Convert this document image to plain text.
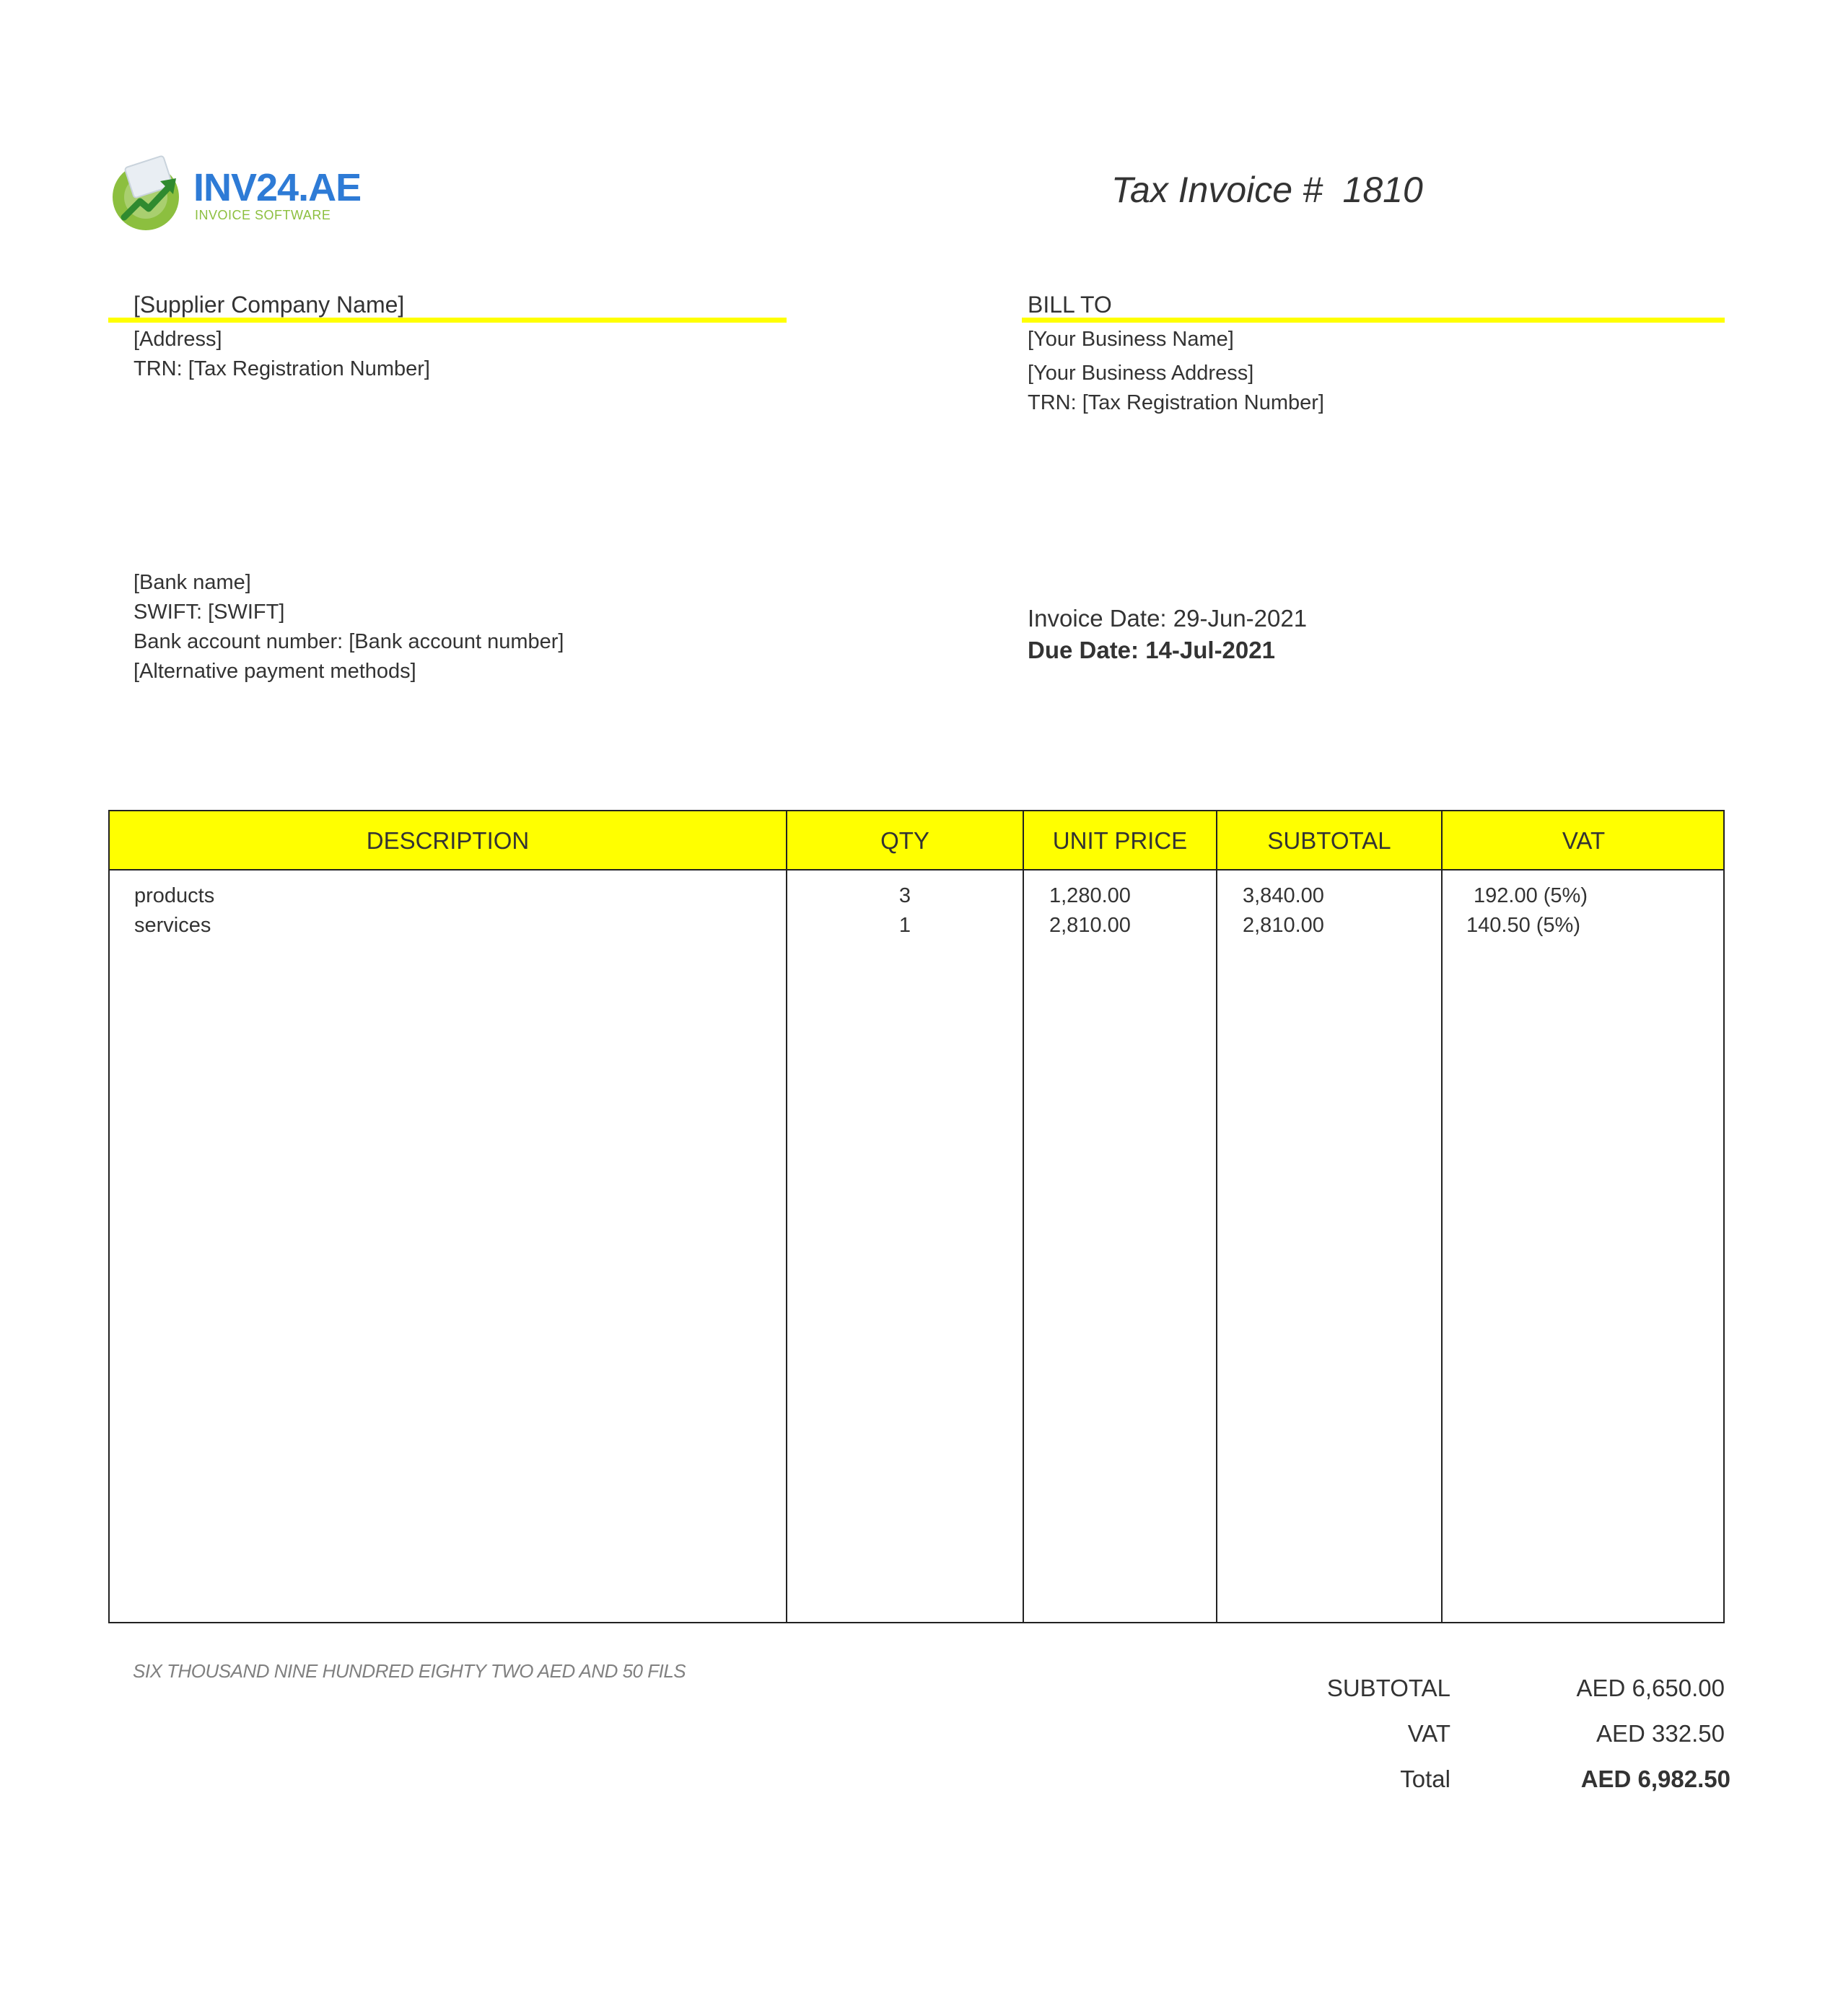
INV24.AE
INVOICE SOFTWARE
Tax Invoice #  1810
[Supplier Company Name]
[Address]
TRN: [Tax Registration Number]
BILL TO
[Your Business Name]
[Your Business Address]
TRN: [Tax Registration Number]
[Bank name]
SWIFT: [SWIFT]
Bank account number: [Bank account number]
[Alternative payment methods]
Invoice Date: 29-Jun-2021
Due Date: 14-Jul-2021
DESCRIPTION	QTY	UNIT PRICE	SUBTOTAL	VAT
products	3	1,280.00	3,840.00	192.00 (5%)
services	1	2,810.00	2,810.00	140.50 (5%)
SIX THOUSAND NINE HUNDRED EIGHTY TWO AED AND 50 FILS
SUBTOTAL	AED 6,650.00
VAT	AED 332.50
Total	AED 6,982.50
